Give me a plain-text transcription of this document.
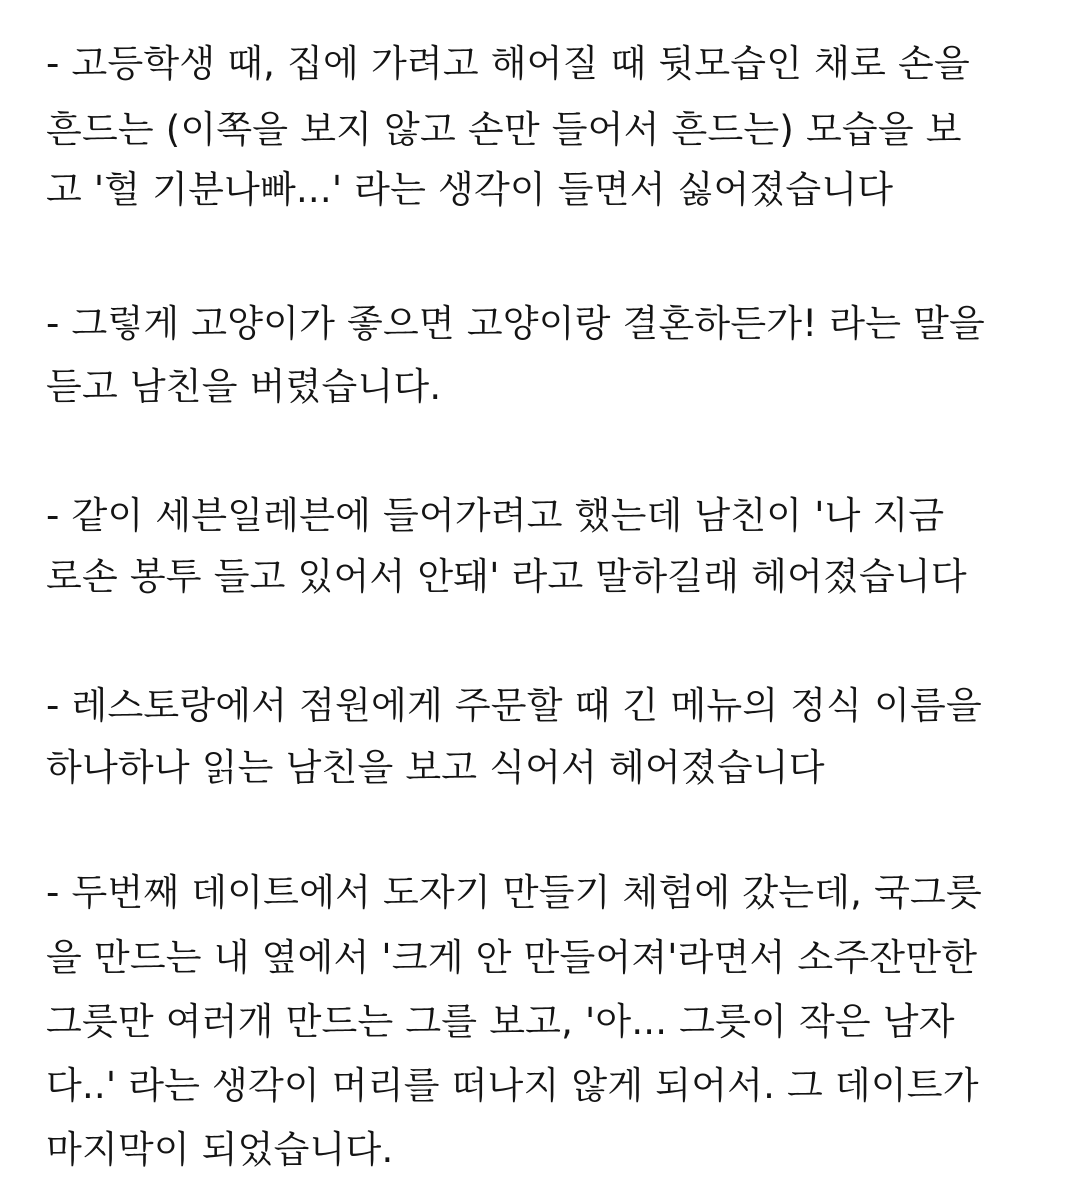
- 고등학생 때, 집에 가려고 해어질 때 뒷모습인 채로 손을
흔드는 (이쪽을 보지 않고 손만 들어서 흔드는) 모습을 보
고 '헐 기분나빠...' 라는 생각이 들면서 싫어졌습니다
- 그렇게 고양이가 좋으면 고양이랑 결혼하든가! 라는 말을
듣고 남친을 버렸습니다.
- 같이 세븐일레븐에 들어가려고 했는데 남친이 '나 지금
로손 봉투 들고 있어서 안돼' 라고 말하길래 헤어졌습니다
- 레스토랑에서 점원에게 주문할 때 긴 메뉴의 정식 이름을
하나하나 읽는 남친을 보고 식어서 헤어졌습니다
- 두번째 데이트에서 도자기 만들기 체험에 갔는데, 국그릇
을 만드는 내 옆에서 '크게 안 만들어져'라면서 소주잔만한
그릇만 여러개 만드는 그를 보고, '아... 그릇이 작은 남자
다..' 라는 생각이 머리를 떠나지 않게 되어서. 그 데이트가
마지막이 되었습니다.
